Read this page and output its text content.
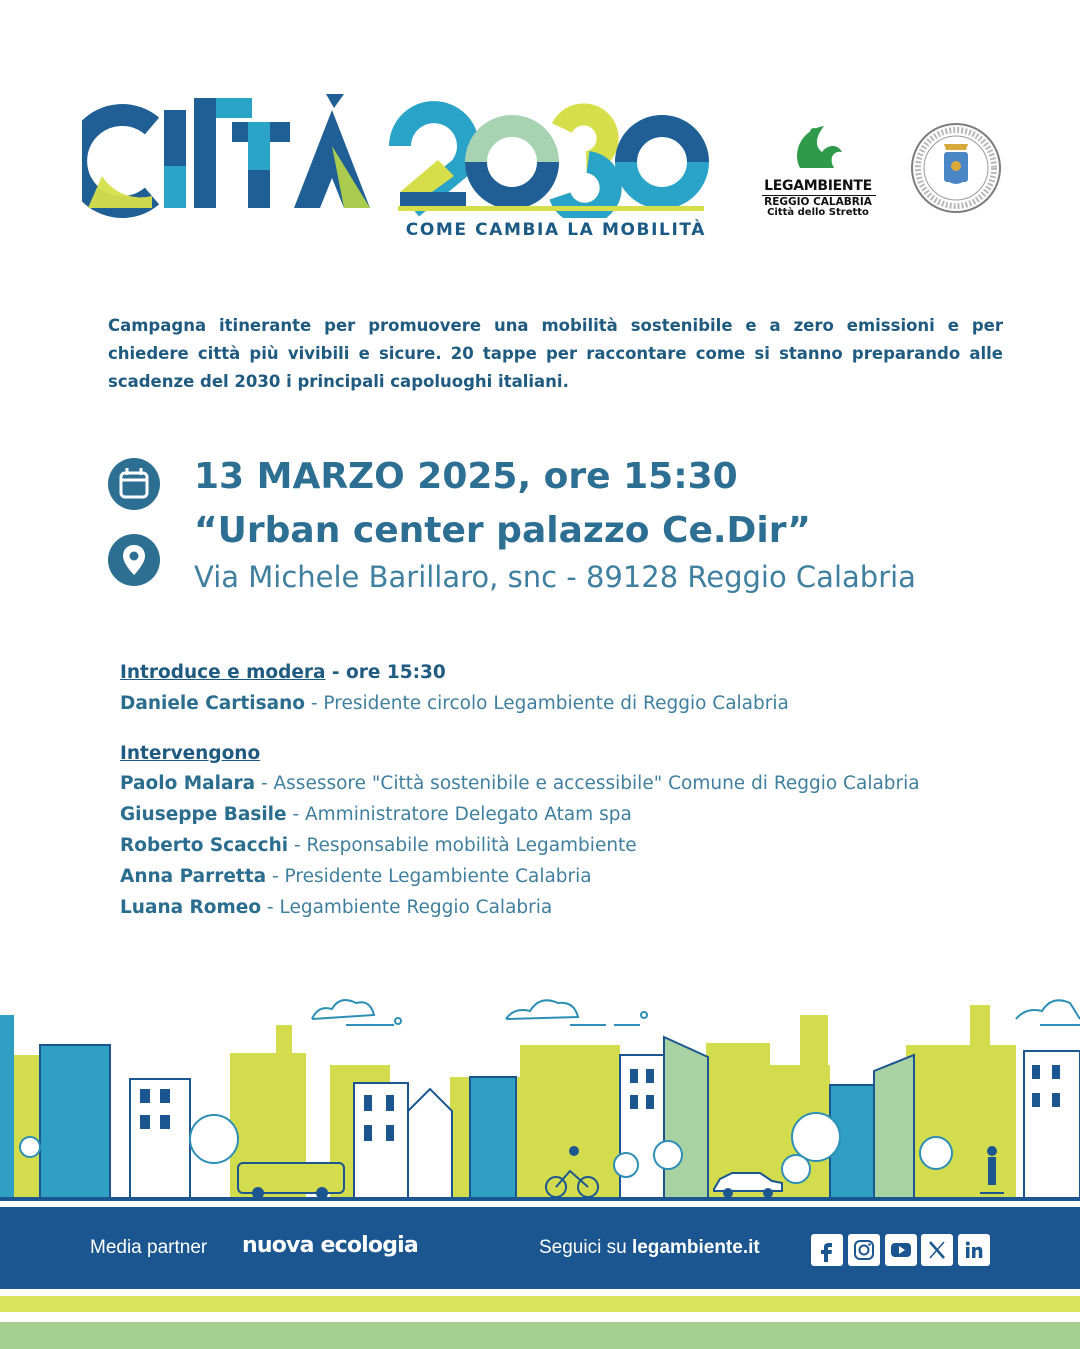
COME CAMBIA LA MOBILITÀ
LEGAMBIENTE
REGGIO CALABRIA
Città dello Stretto

Campagna itinerante per promuovere una mobilità sostenibile e a zero emissioni e per chiedere città più vivibili e sicure. 20 tappe per raccontare come si stanno preparando alle scadenze del 2030 i principali capoluoghi italiani.

13 MARZO 2025, ore 15:30
“Urban center palazzo Ce.Dir”
Via Michele Barillaro, snc - 89128 Reggio Calabria
Introduce e modera - ore 15:30
Daniele Cartisano - Presidente circolo Legambiente di Reggio Calabria
Intervengono
Paolo Malara - Assessore "Città sostenibile e accessibile" Comune di Reggio Calabria
Giuseppe Basile - Amministratore Delegato Atam spa
Roberto Scacchi - Responsabile mobilità Legambiente
Anna Parretta - Presidente Legambiente Calabria
Luana Romeo - Legambiente Reggio Calabria
Media partner nuova ecologia	Seguici su legambiente.it
